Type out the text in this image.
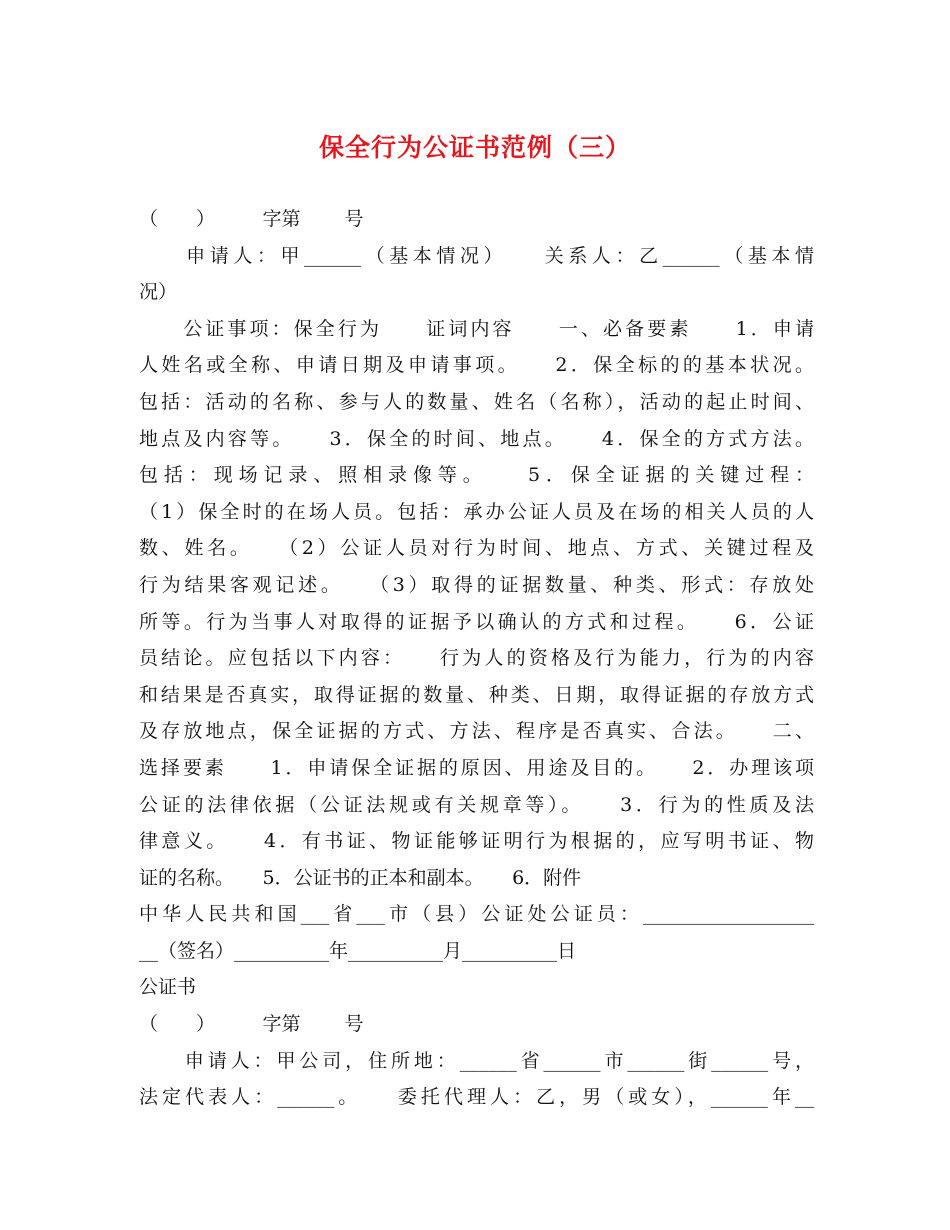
保全行为公证书范例（三）
（　　）　　　字第　　 号
　　申请人：甲______（基本情况）　　关系人：乙______（基本情
况）
　　公证事项：保全行为　　证词内容　　一、必备要素　　1．申请
人姓名或全称、申请日期及申请事项。　　2．保全标的的基本状况。
包括：活动的名称、参与人的数量、姓名（名称），活动的起止时间、
地点及内容等。　　3．保全的时间、地点。　　4．保全的方式方法。
包括：现场记录、照相录像等。　　5．保全证据的关键过程：
（1）保全时的在场人员。包括：承办公证人员及在场的相关人员的人
数、姓名。　　（2）公证人员对行为时间、地点、方式、关键过程及
行为结果客观记述。　　（3）取得的证据数量、种类、形式：存放处
所等。行为当事人对取得的证据予以确认的方式和过程。　　6．公证
员结论。应包括以下内容：　　行为人的资格及行为能力，行为的内容
和结果是否真实，取得证据的数量、种类、日期，取得证据的存放方式
及存放地点，保全证据的方式、方法、程序是否真实、合法。　　二、
选择要素　　1．申请保全证据的原因、用途及目的。　　2．办理该项
公证的法律依据（公证法规或有关规章等）。　　3．行为的性质及法
律意义。　　4．有书证、物证能够证明行为根据的，应写明书证、物
证的名称。　　5．公证书的正本和副本。　　6．附件
中华人民共和国___省___市（县）公证处公证员：__________________
__（签名）__________年__________月__________日
公证书
（　　）　　　字第　　 号
　　申请人：甲公司，住所地：______省______市______街______号，
法定代表人：______。　　委托代理人：乙，男（或女），______年__
